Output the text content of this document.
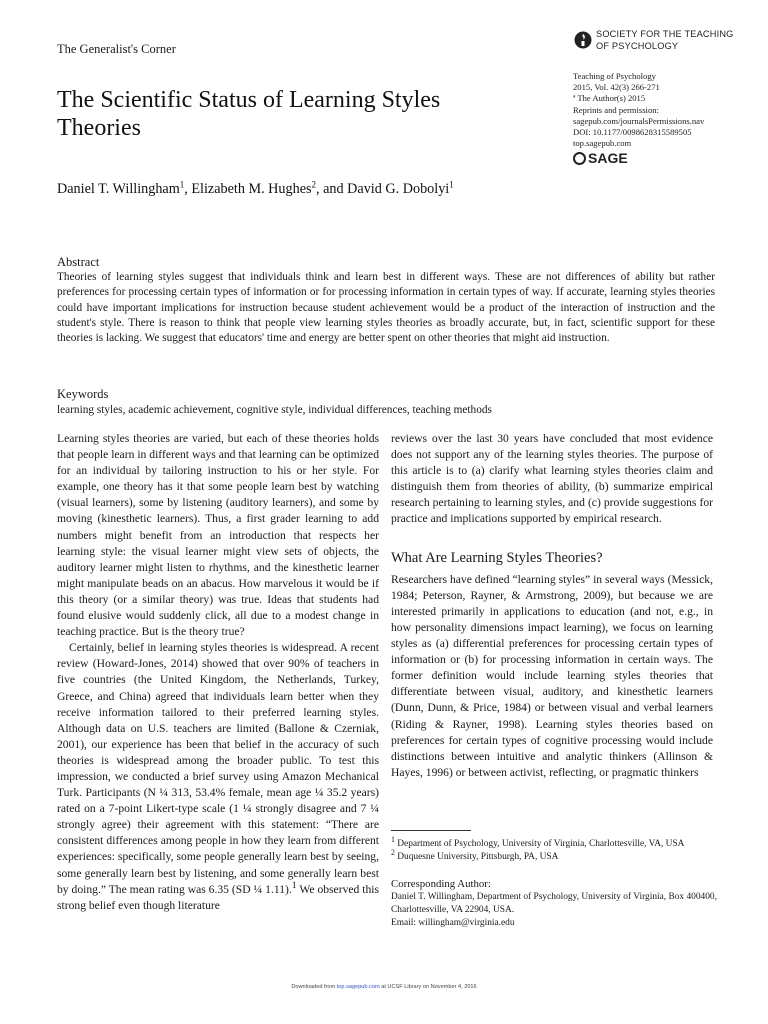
The Generalist's Corner
SOCIETY FOR THE TEACHING
OF PSYCHOLOGY
Teaching of Psychology
2015, Vol. 42(3) 266-271
ª The Author(s) 2015
Reprints and permission:
sagepub.com/journalsPermissions.nav
DOI: 10.1177/0098628315589505
top.sagepub.com
SAGE
The Scientific Status of Learning Styles Theories
Daniel T. Willingham$^1$, Elizabeth M. Hughes$^2$, and David G. Dobolyi$^1$
Abstract
Theories of learning styles suggest that individuals think and learn best in different ways. These are not differences of ability but rather preferences for processing certain types of information or for processing information in certain types of way. If accurate, learning styles theories could have important implications for instruction because student achievement would be a product of the interaction of instruction and the student's style. There is reason to think that people view learning styles theories as broadly accurate, but, in fact, scientific support for these theories is lacking. We suggest that educators' time and energy are better spent on other theories that might aid instruction.
Keywords
learning styles, academic achievement, cognitive style, individual differences, teaching methods

Learning styles theories are varied, but each of these theories holds that people learn in different ways and that learning can be optimized for an individual by tailoring instruction to his or her style. For example, one theory has it that some people learn best by watching (visual learners), some by listening (auditory learners), and some by moving (kinesthetic learners). Thus, a first grader learning to add numbers might benefit from an introduction that respects her learning style: the visual learner might view sets of objects, the auditory learner might listen to rhythms, and the kinesthetic learner might manipulate beads on an abacus. How marvelous it would be if this theory (or a similar theory) was true. Ideas that students had found elusive would suddenly click, all due to a modest change in teaching practice. But is the theory true?

Certainly, belief in learning styles theories is widespread. A recent review (Howard-Jones, 2014) showed that over 90% of teachers in five countries (the United Kingdom, the Netherlands, Turkey, Greece, and China) agreed that individuals learn better when they receive information tailored to their preferred learning styles. Although data on U.S. teachers are limited (Ballone & Czerniak, 2001), our experience has been that belief in the accuracy of such theories is widespread among the broader public. To test this impression, we conducted a brief survey using Amazon Mechanical Turk. Participants (N ¼ 313, 53.4% female, mean age ¼ 35.2 years) rated on a 7-point Likert-type scale (1 ¼ strongly disagree and 7 ¼ strongly agree) their agreement with this statement: “There are consistent differences among people in how they learn from different experiences: specifically, some people generally learn best by seeing, some generally learn best by listening, and some generally learn best by doing.” The mean rating was 6.35 (SD ¼ 1.11).$^1$ We observed this strong belief even though literature

reviews over the last 30 years have concluded that most evidence does not support any of the learning styles theories. The purpose of this article is to (a) clarify what learning styles theories claim and distinguish them from theories of ability, (b) summarize empirical research pertaining to learning styles, and (c) provide suggestions for practice and implications supported by empirical research.

What Are Learning Styles Theories?

Researchers have defined “learning styles” in several ways (Messick, 1984; Peterson, Rayner, & Armstrong, 2009), but because we are interested primarily in applications to education (and not, e.g., in how personality dimensions impact learning), we focus on learning styles as (a) differential preferences for processing certain types of information or (b) for processing information in certain ways. The former definition would include learning styles theories that differentiate between visual, auditory, and kinesthetic learners (Dunn, Dunn, & Price, 1984) or between visual and verbal learners (Riding & Rayner, 1998). Learning styles theories based on preferences for certain types of cognitive processing would include distinctions between intuitive and analytic thinkers (Allinson & Hayes, 1996) or between activist, reflecting, or pragmatic thinkers

$^1$ Department of Psychology, University of Virginia, Charlottesville, VA, USA
$^2$ Duquesne University, Pittsburgh, PA, USA
Corresponding Author:
Daniel T. Willingham, Department of Psychology, University of Virginia, Box 400400, Charlottesville, VA 22904, USA.
Email: willingham@virginia.edu
Downloaded from top.sagepub.com at UCSF Library on November 4, 2016
